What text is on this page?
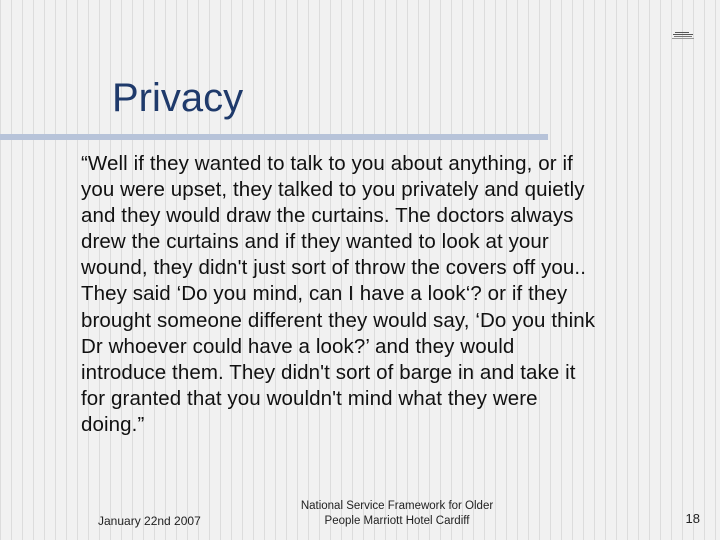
Privacy

“Well if they wanted to talk to you about anything, or if
you were upset, they talked to you privately and quietly
and they would draw the curtains. The doctors always
drew the curtains and if they wanted to look at your
wound, they didn't just sort of throw the covers off you..
They said ‘Do you mind, can I have a look‘? or if they
brought someone different they would say, ‘Do you think
Dr whoever could have a look?’ and they would
introduce them. They didn't sort of barge in and take it
for granted that you wouldn't mind what they were
doing.”

January 22nd 2007
National Service Framework for Older
People Marriott Hotel Cardiff	18
